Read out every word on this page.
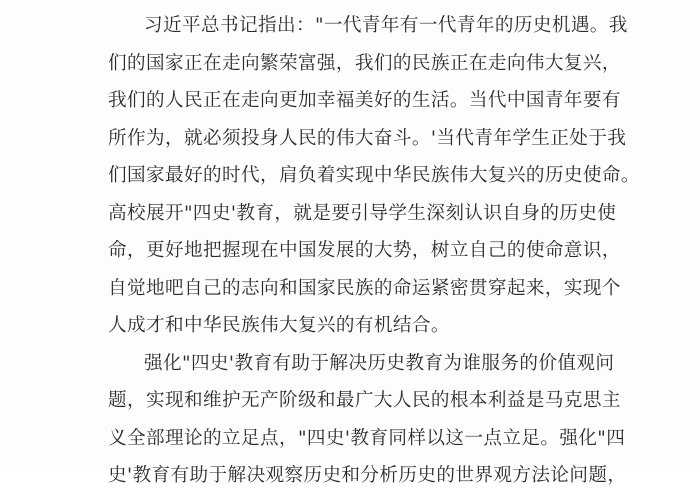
习近平总书记指出："一代青年有一代青年的历史机遇。我
们的国家正在走向繁荣富强，我们的民族正在走向伟大复兴，
我们的人民正在走向更加幸福美好的生活。当代中国青年要有
所作为，就必须投身人民的伟大奋斗。'当代青年学生正处于我
们国家最好的时代，肩负着实现中华民族伟大复兴的历史使命。
高校展开"四史'教育，就是要引导学生深刻认识自身的历史使
命，更好地把握现在中国发展的大势，树立自己的使命意识，
自觉地吧自己的志向和国家民族的命运紧密贯穿起来，实现个
人成才和中华民族伟大复兴的有机结合。
强化"四史'教育有助于解决历史教育为谁服务的价值观问
题，实现和维护无产阶级和最广大人民的根本利益是马克思主
义全部理论的立足点，"四史'教育同样以这一点立足。强化"四
史'教育有助于解决观察历史和分析历史的世界观方法论问题，
